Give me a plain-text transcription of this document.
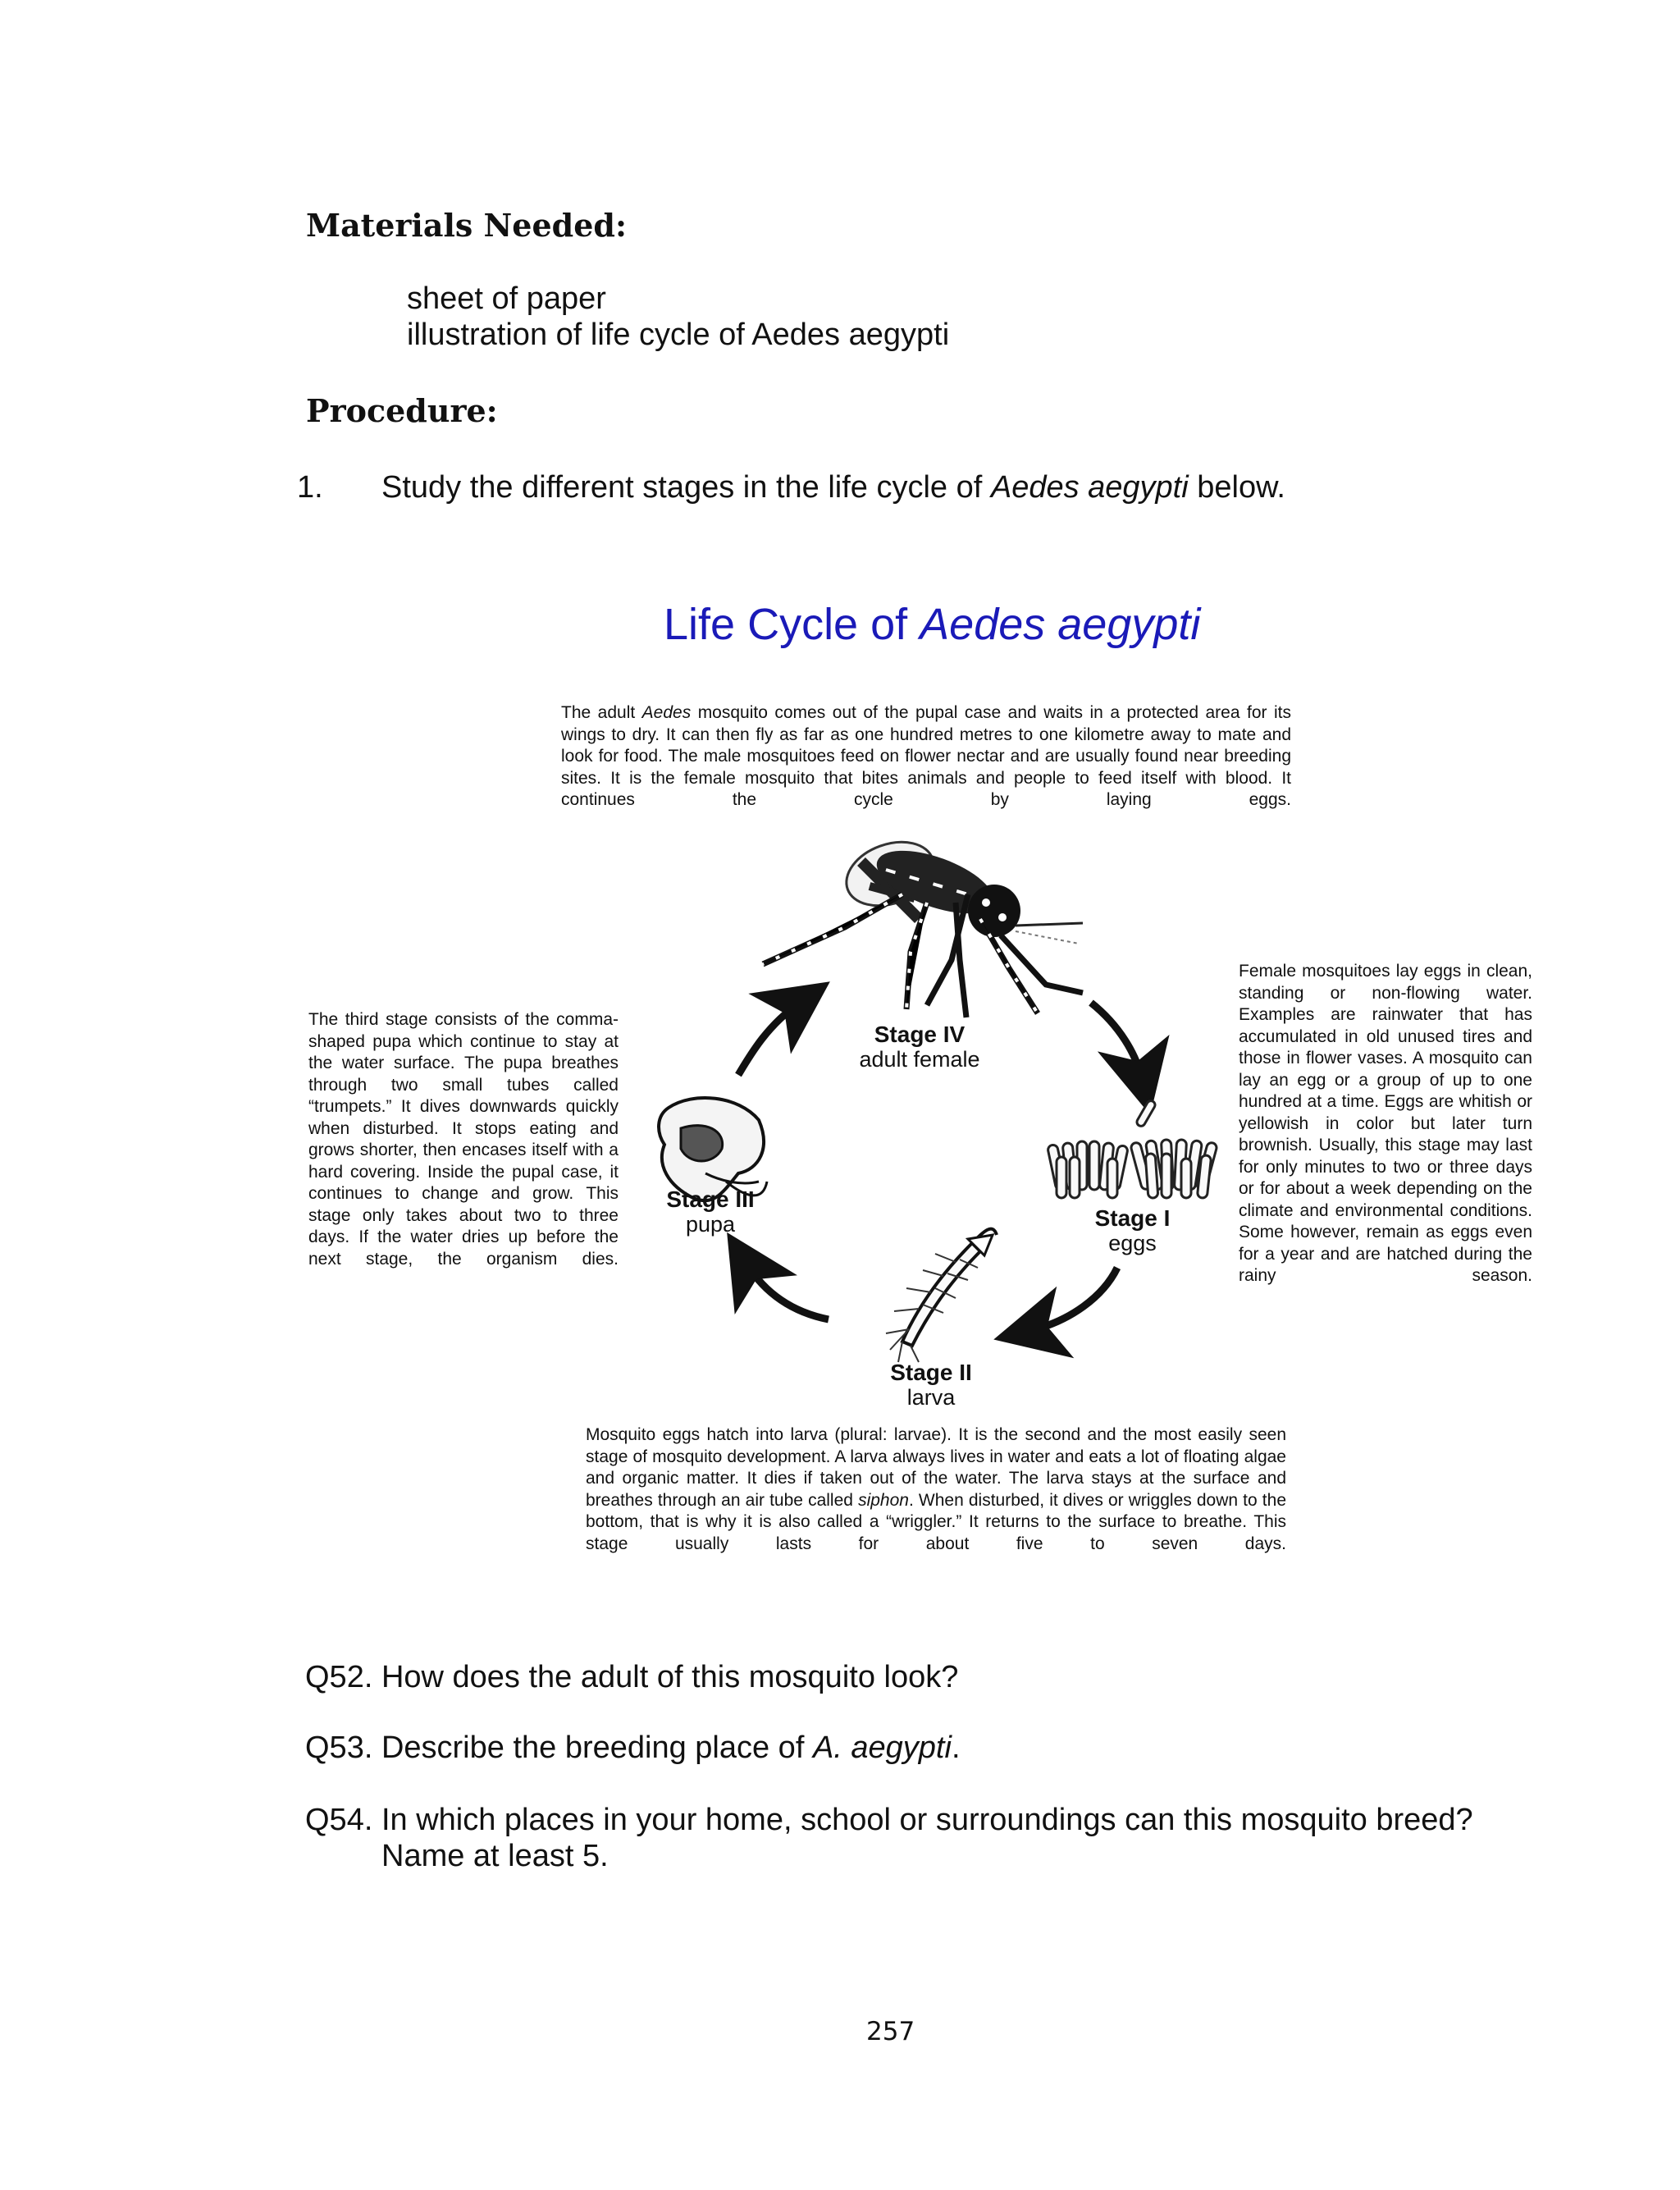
Materials Needed:
sheet of paper
illustration of life cycle of Aedes aegypti
Procedure:
1. Study the different stages in the life cycle of Aedes aegypti below.
Life Cycle of Aedes aegypti
The adult Aedes mosquito comes out of the pupal case and waits in a protected area for its wings to dry. It can then fly as far as one hundred metres to one kilometre away to mate and look for food. The male mosquitoes feed on flower nectar and are usually found near breeding sites. It is the female mosquito that bites animals and people to feed itself with blood. It continues the cycle by laying eggs.
The third stage consists of the comma-shaped pupa which continue to stay at the water surface. The pupa breathes through two small tubes called “trumpets.” It dives downwards quickly when disturbed. It stops eating and grows shorter, then encases itself with a hard covering. Inside the pupal case, it continues to change and grow. This stage only takes about two to three days. If the water dries up before the next stage, the organism dies.
Female mosquitoes lay eggs in clean, standing or non-flowing water. Examples are rainwater that has accumulated in old unused tires and those in flower vases. A mosquito can lay an egg or a group of up to one hundred at a time. Eggs are whitish or yellowish in color but later turn brownish. Usually, this stage may last for only minutes to two or three days or for about a week depending on the climate and environmental conditions. Some however, remain as eggs even for a year and are hatched during the rainy season.
Mosquito eggs hatch into larva (plural: larvae). It is the second and the most easily seen stage of mosquito development. A larva always lives in water and eats a lot of floating algae and organic matter. It dies if taken out of the water. The larva stays at the surface and breathes through an air tube called siphon. When disturbed, it dives or wriggles down to the bottom, that is why it is also called a “wriggler.” It returns to the surface to breathe. This stage usually lasts for about five to seven days.
Stage IV
adult female
Stage III
pupa	Stage I
eggs
Stage II
larva
Q52. How does the adult of this mosquito look?
Q53. Describe the breeding place of A. aegypti.
Q54. In which places in your home, school or surroundings can this mosquito breed?
Name at least 5.
257
